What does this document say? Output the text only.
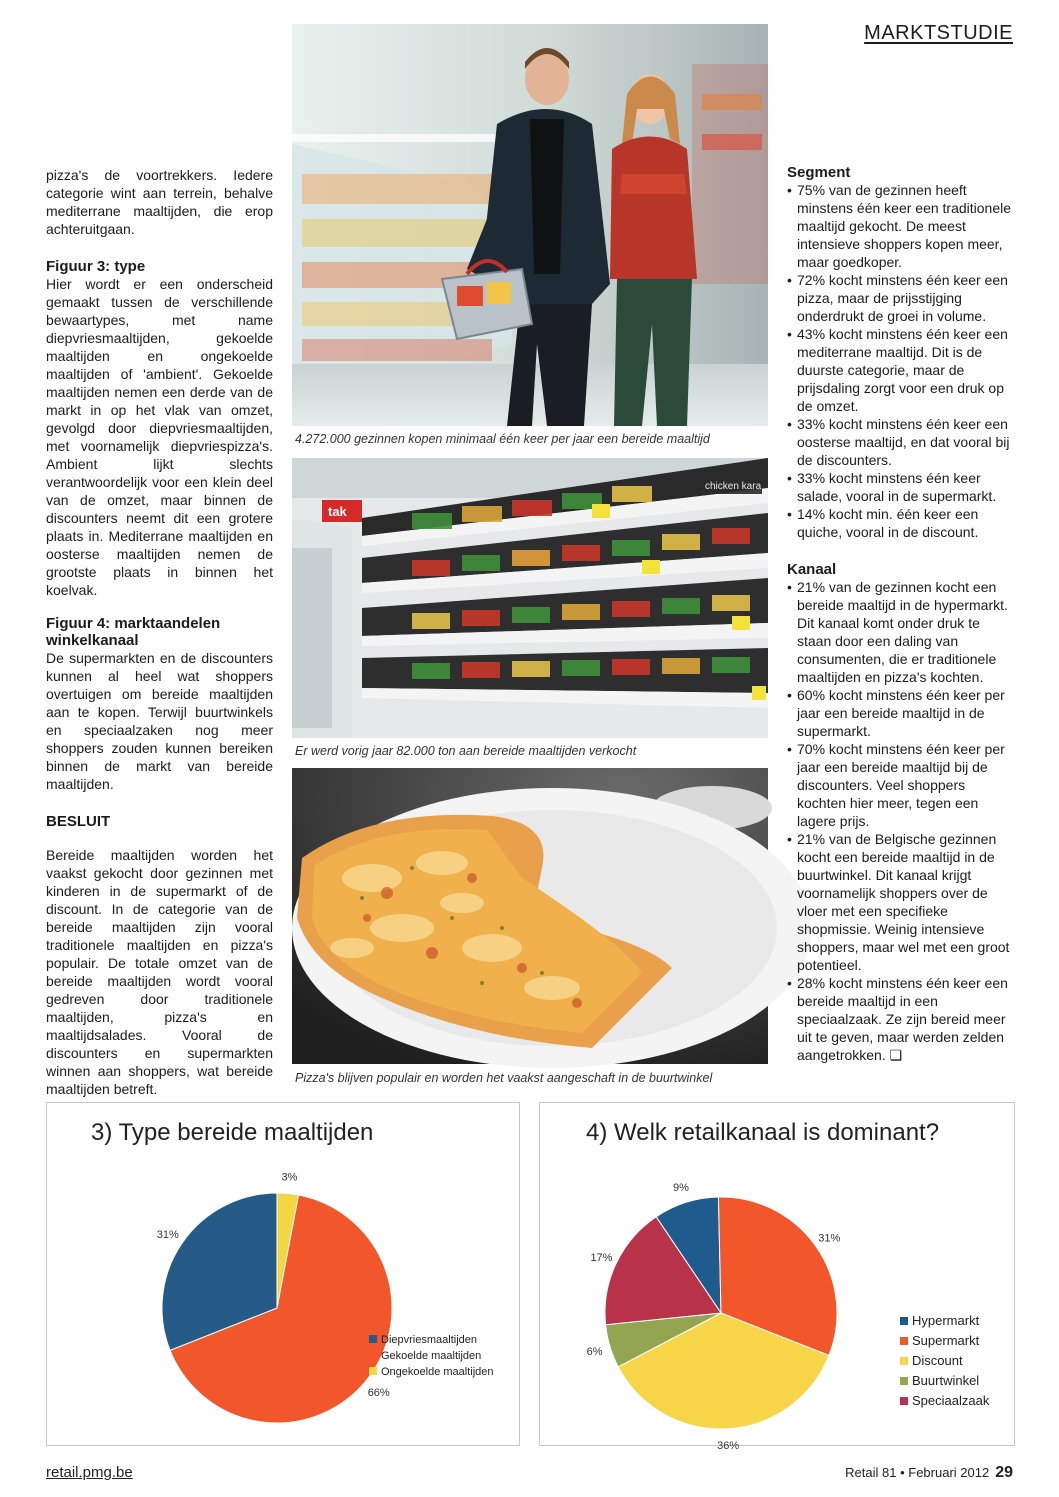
MARKTSTUDIE

pizza's de voortrekkers. Iedere categorie wint aan terrein, behalve mediterrane maaltijden, die erop achteruitgaan.

Figuur 3: type

Hier wordt er een onderscheid gemaakt tussen de verschillende bewaartypes, met name diepvriesmaaltijden, gekoelde maaltijden en ongekoelde maaltijden of 'ambient'. Gekoelde maaltijden nemen een derde van de markt in op het vlak van omzet, gevolgd door diepvriesmaaltijden, met voornamelijk diepvriespizza's. Ambient lijkt slechts verantwoordelijk voor een klein deel van de omzet, maar binnen de discounters neemt dit een grotere plaats in. Mediterrane maaltijden en oosterse maaltijden nemen de grootste plaats in binnen het koelvak.

Figuur 4: marktaandelen winkelkanaal

De supermarkten en de discounters kunnen al heel wat shoppers overtuigen om bereide maaltijden aan te kopen. Terwijl buurtwinkels en speciaalzaken nog meer shoppers zouden kunnen bereiken binnen de markt van bereide maaltijden.

BESLUIT

Bereide maaltijden worden het vaakst gekocht door gezinnen met kinderen in de supermarkt of de discount. In de categorie van de bereide maaltijden zijn vooral traditionele maaltijden en pizza's populair. De totale omzet van de bereide maaltijden wordt vooral gedreven door traditionele maaltijden, pizza's en maaltijdsalades. Vooral de discounters en supermarkten winnen aan shoppers, wat bereide maaltijden betreft.

4.272.000 gezinnen kopen minimaal één keer per jaar een bereide maaltijd
tak
chicken kara
Er werd vorig jaar 82.000 ton aan bereide maaltijden verkocht
Pizza's blijven populair en worden het vaakst aangeschaft in de buurtwinkel
Segment
• 75% van de gezinnen heeft minstens één keer een traditionele maaltijd gekocht. De meest intensieve shoppers kopen meer, maar goedkoper.
• 72% kocht minstens één keer een pizza, maar de prijsstijging onderdrukt de groei in volume.
• 43% kocht minstens één keer een mediterrane maaltijd. Dit is de duurste categorie, maar de prijsdaling zorgt voor een druk op de omzet.
• 33% kocht minstens één keer een oosterse maaltijd, en dat vooral bij de discounters.
• 33% kocht minstens één keer salade, vooral in de supermarkt.
• 14% kocht min. één keer een quiche, vooral in de discount.
Kanaal
• 21% van de gezinnen kocht een bereide maaltijd in de hypermarkt. Dit kanaal komt onder druk te staan door een daling van consumenten, die er traditionele maaltijden en pizza's kochten.
• 60% kocht minstens één keer per jaar een bereide maaltijd in de supermarkt.
• 70% kocht minstens één keer per jaar een bereide maaltijd bij de discounters. Veel shoppers kochten hier meer, tegen een lagere prijs.
• 21% van de Belgische gezinnen kocht een bereide maaltijd in de buurtwinkel. Dit kanaal krijgt voornamelijk shoppers over de vloer met een specifieke shopmissie. Weinig intensieve shoppers, maar wel met een groot potentieel.
• 28% kocht minstens één keer een bereide maaltijd in een speciaalzaak. Ze zijn bereid meer uit te geven, maar werden zelden aangetrokken. ❏
3) Type bereide maaltijden
3%
66%
31%
Diepvriesmaaltijden
Gekoelde maaltijden
Ongekoelde maaltijden
4) Welk retailkanaal is dominant?
9%
31%
36%
6%
17%
Hypermarkt
Supermarkt
Discount
Buurtwinkel
Speciaalzaak
retail.pmg.be	Retail 81 • Februari 2012 29
